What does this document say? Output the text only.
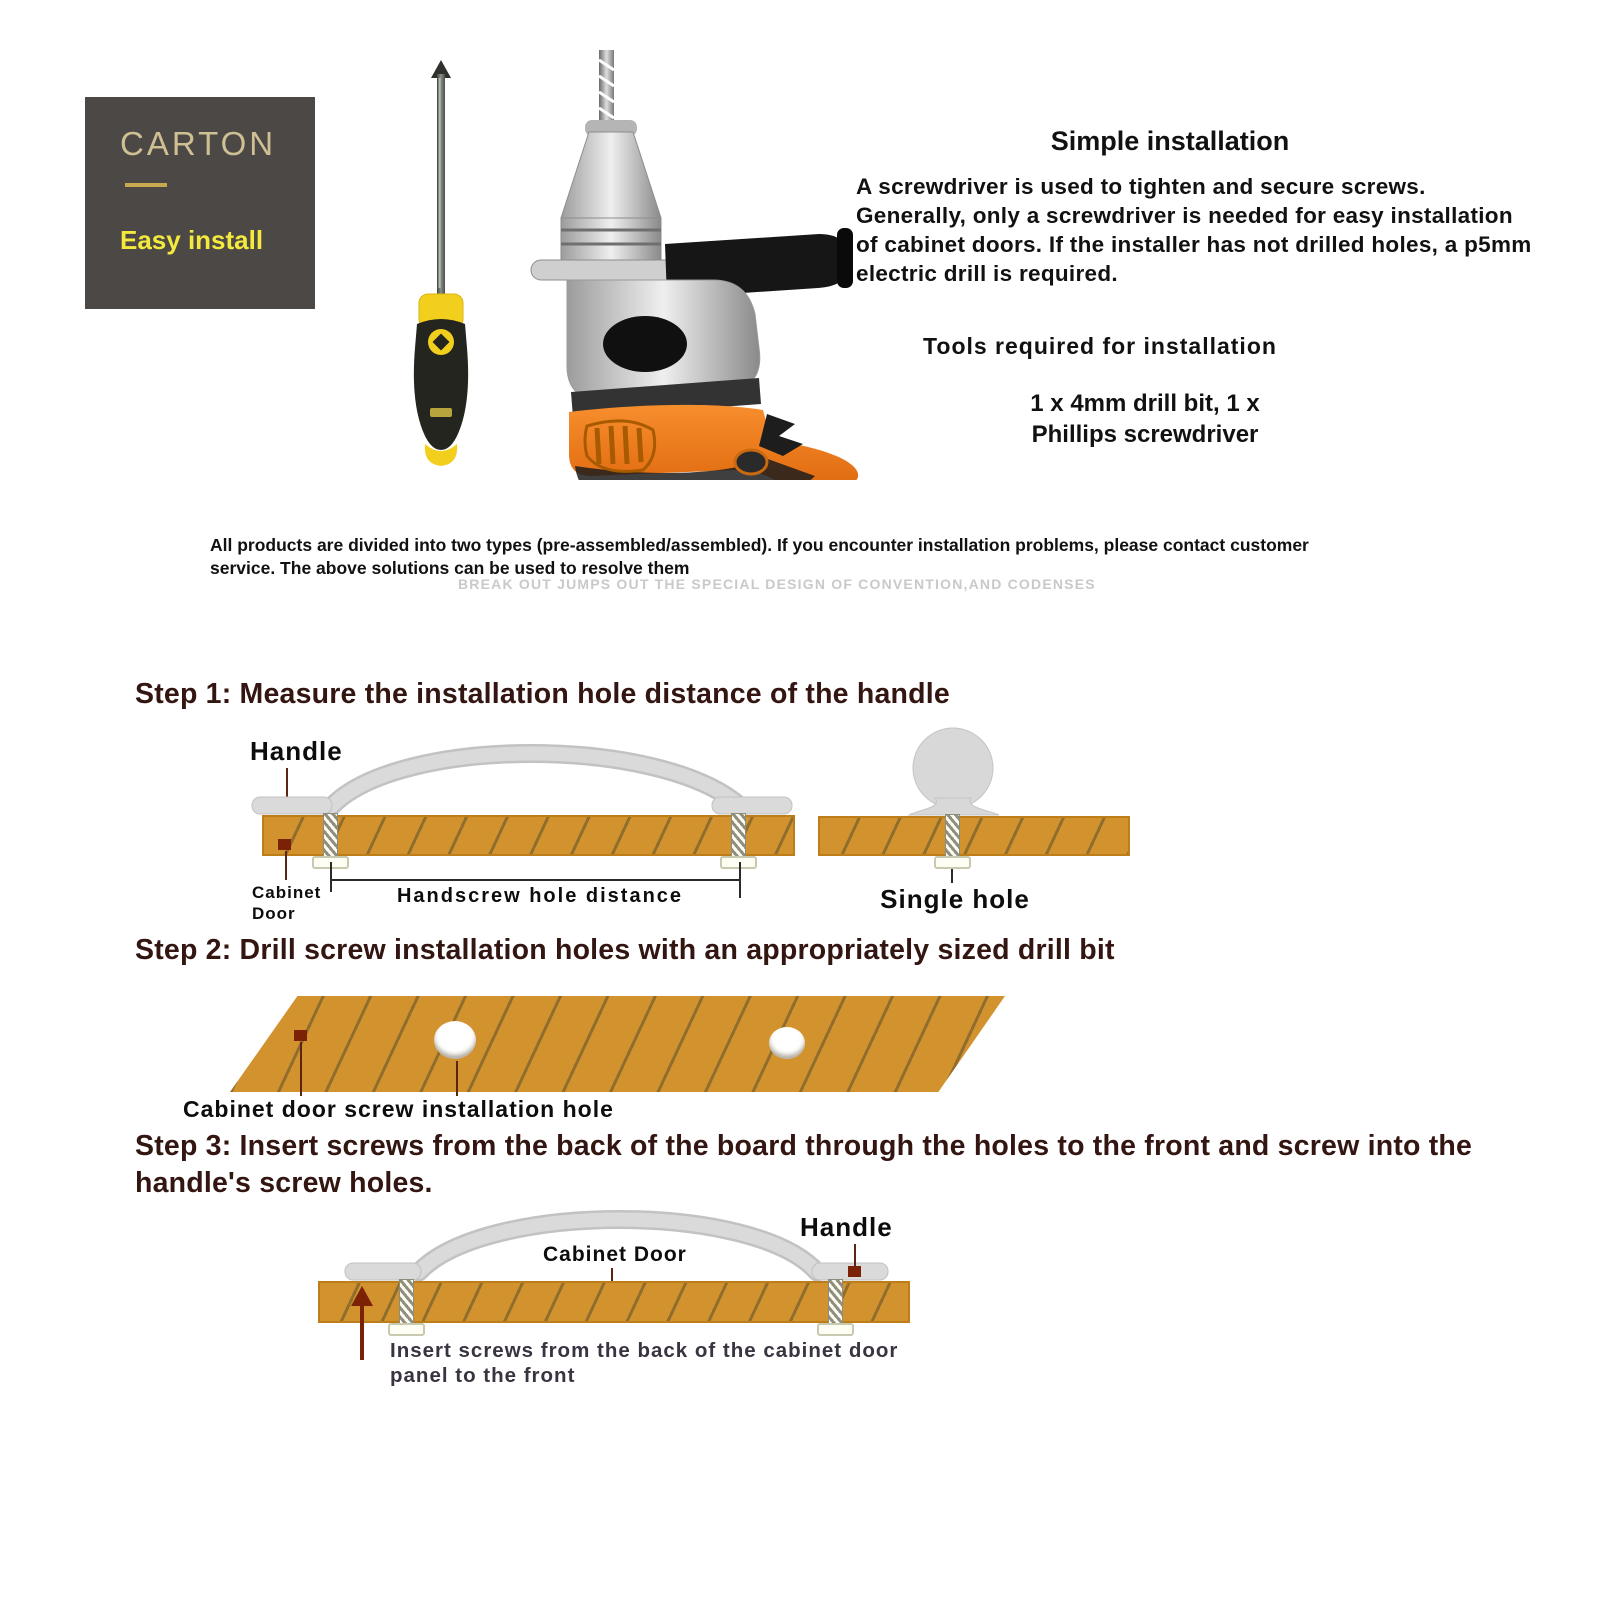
CARTON
Easy install
Simple installation
A screwdriver is used to tighten and secure screws. Generally, only a screwdriver is needed for easy installation of cabinet doors. If the installer has not drilled holes, a p5mm electric drill is required.
Tools required for installation
1 x 4mm drill bit, 1 x Phillips screwdriver
All products are divided into two types (pre-assembled/assembled). If you encounter installation problems, please contact customer service. The above solutions can be used to resolve them
BREAK OUT JUMPS OUT THE SPECIAL DESIGN OF CONVENTION,AND CODENSES
Step 1: Measure the installation hole distance of the handle
Handle
Cabinet Door
Handscrew hole distance	Single hole
Step 2: Drill screw installation holes with an appropriately sized drill bit
Cabinet door screw installation hole
Step 3: Insert screws from the back of the board through the holes to the front and screw into the handle's screw holes.
Handle
Cabinet Door
Insert screws from the back of the cabinet door panel to the front
